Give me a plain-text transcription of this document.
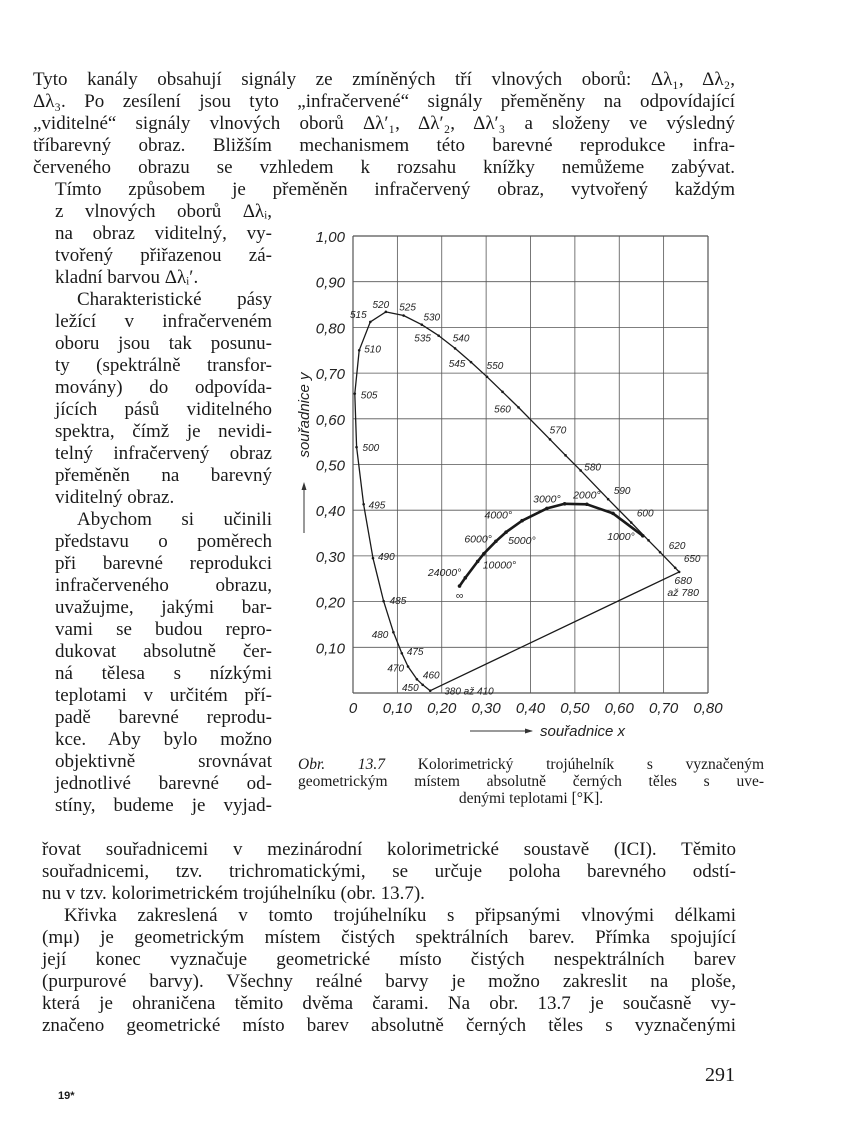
Tyto kanály obsahují signály ze zmíněných tří vlnových oborů: Δλ₁, Δλ₂,
Δλ₃. Po zesílení jsou tyto „infračervené“ signály přeměněny na odpovídající
„viditelné“ signály vlnových oborů Δλ′₁, Δλ′₂, Δλ′₃ a složeny ve výsledný
tříbarevný obraz. Bližším mechanismem této barevné reprodukce infra-
červeného obrazu se vzhledem k rozsahu knížky nemůžeme zabývat.
Tímto způsobem je přeměněn infračervený obraz, vytvořený každým
z vlnových oborů Δλᵢ,
na obraz viditelný, vy-
tvořený přiřazenou zá-
kladní barvou Δλᵢ′.
Charakteristické pásy
ležící v infračerveném
oboru jsou tak posunu-
ty (spektrálně transfor-
movány) do odpovída-
jících pásů viditelného
spektra, čímž je nevidi-
telný infračervený obraz
přeměněn na barevný
viditelný obraz.
Abychom si učinili
představu o poměrech
při barevné reprodukci
infračerveného obrazu,
uvažujme, jakými bar-
vami se budou repro-
dukovat absolutně čer-
ná tělesa s nízkými
teplotami v určitém pří-
padě barevné reprodu-
kce. Aby bylo možno
objektivně srovnávat
jednotlivé barevné od-
stíny, budeme je vyjad-
řovat souřadnicemi v mezinárodní kolorimetrické soustavě (ICI). Těmito
souřadnicemi, tzv. trichromatickými, se určuje poloha barevného odstí-
nu v tzv. kolorimetrickém trojúhelníku (obr. 13.7).
Křivka zakreslená v tomto trojúhelníku s připsanými vlnovými délkami
(mμ) je geometrickým místem čistých spektrálních barev. Přímka spojující
její konec vyznačuje geometrické místo čistých nespektrálních barev
(purpurové barvy). Všechny reálné barvy je možno zakreslit na ploše,
která je ohraničena těmito dvěma čarami. Na obr. 13.7 je současně vy-
značeno geometrické místo barev absolutně černých těles s vyznačenými
0 0,10 0,20 0,30 0,40 0,50 0,60 0,70 0,80
0,10
0,20
0,30
0,40
0,50
0,60
0,70
0,80
0,90
1,00
souřadnice x
souřadnice y
380 až 410
450
460
470
475
480
485
490
495
500
505
510
515
520 525
530
535 540
545 550
560
570
580
590
600
620
650
680 až 780
1000°
2000°
3000°
4000°
5000°
6000°
10000°
24000°
∞
Obr. 13.7 Kolorimetrický trojúhelník s vyznačeným
geometrickým místem absolutně černých těles s uve-
denými teplotami [°K].
291
19*
